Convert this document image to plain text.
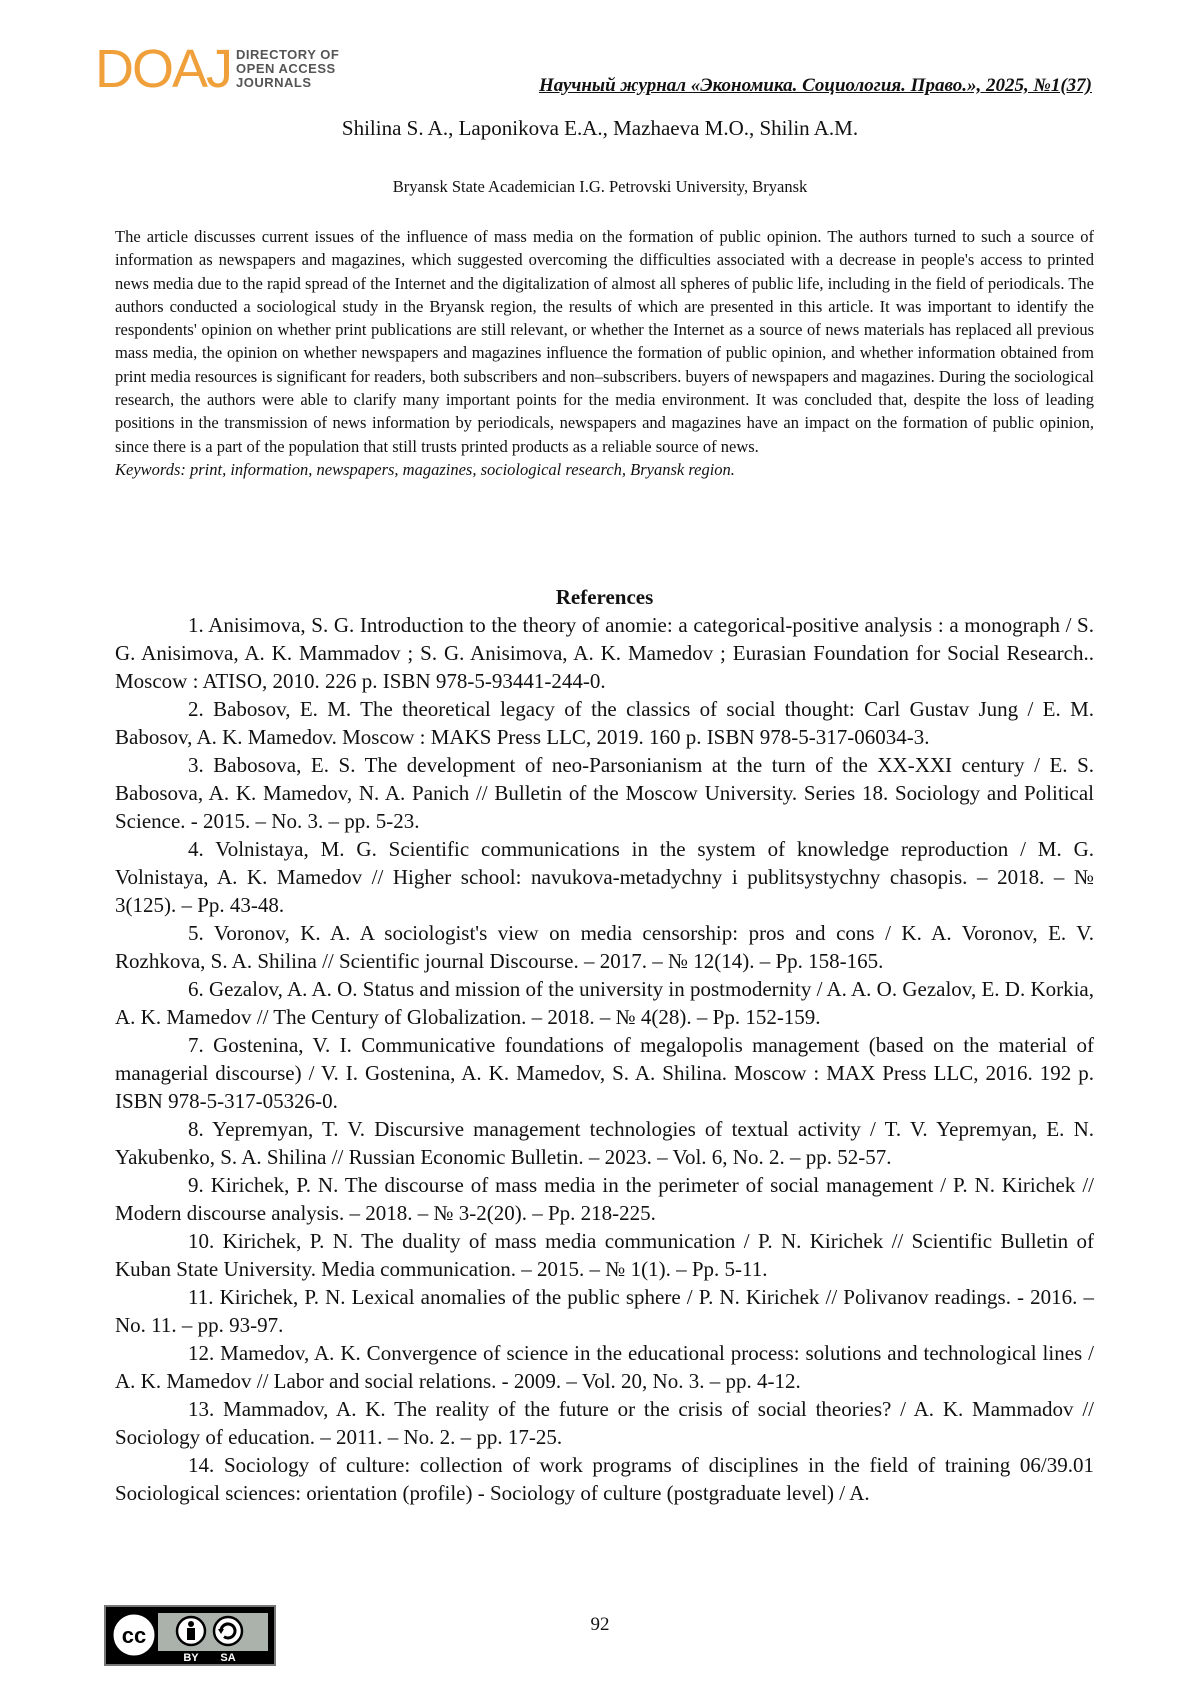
DOAJ DIRECTORY OF
OPEN ACCESS
JOURNALS	Научный журнал «Экономика. Социология. Право.», 2025, №1(37)
Shilina S. A., Laponikova E.A., Mazhaeva M.O., Shilin A.M.
Bryansk State Academician I.G. Petrovski University, Bryansk

The article discusses current issues of the influence of mass media on the formation of public opinion. The authors turned to such a source of information as newspapers and magazines, which suggested overcoming the difficulties associated with a decrease in people's access to printed news media due to the rapid spread of the Internet and the digitalization of almost all spheres of public life, including in the field of periodicals. The authors conducted a sociological study in the Bryansk region, the results of which are presented in this article. It was important to identify the respondents' opinion on whether print publications are still relevant, or whether the Internet as a source of news materials has replaced all previous mass media, the opinion on whether newspapers and magazines influence the formation of public opinion, and whether information obtained from print media resources is significant for readers, both subscribers and non–subscribers. buyers of newspapers and magazines. During the sociological research, the authors were able to clarify many important points for the media environment. It was concluded that, despite the loss of leading positions in the transmission of news information by periodicals, newspapers and magazines have an impact on the formation of public opinion, since there is a part of the population that still trusts printed products as a reliable source of news.

Keywords: print, information, newspapers, magazines, sociological research, Bryansk region.

References
1. Anisimova, S. G. Introduction to the theory of anomie: a categorical-positive analysis : a monograph / S. G. Anisimova, A. K. Mammadov ; S. G. Anisimova, A. K. Mamedov ; Eurasian Foundation for Social Research.. Moscow : ATISO, 2010. 226 p. ISBN 978-5-93441-244-0.
2. Babosov, E. M. The theoretical legacy of the classics of social thought: Carl Gustav Jung / E. M. Babosov, A. K. Mamedov. Moscow : MAKS Press LLC, 2019. 160 p. ISBN 978-5-317-06034-3.
3. Babosova, E. S. The development of neo-Parsonianism at the turn of the XX-XXI century / E. S. Babosova, A. K. Mamedov, N. A. Panich // Bulletin of the Moscow University. Series 18. Sociology and Political Science. - 2015. – No. 3. – pp. 5-23.
4. Volnistaya, M. G. Scientific communications in the system of knowledge reproduction / M. G. Volnistaya, A. K. Mamedov // Higher school: navukova-metadychny i publitsystychny chasopis. – 2018. – № 3(125). – Pp. 43-48.
5. Voronov, K. A. A sociologist's view on media censorship: pros and cons / K. A. Voronov, E. V. Rozhkova, S. A. Shilina // Scientific journal Discourse. – 2017. – № 12(14). – Pp. 158-165.
6. Gezalov, A. A. O. Status and mission of the university in postmodernity / A. A. O. Gezalov, E. D. Korkia, A. K. Mamedov // The Century of Globalization. – 2018. – № 4(28). – Pp. 152-159.
7. Gostenina, V. I. Communicative foundations of megalopolis management (based on the material of managerial discourse) / V. I. Gostenina, A. K. Mamedov, S. A. Shilina. Moscow : MAX Press LLC, 2016. 192 p. ISBN 978-5-317-05326-0.
8. Yepremyan, T. V. Discursive management technologies of textual activity / T. V. Yepremyan, E. N. Yakubenko, S. A. Shilina // Russian Economic Bulletin. – 2023. – Vol. 6, No. 2. – pp. 52-57.
9. Kirichek, P. N. The discourse of mass media in the perimeter of social management / P. N. Kirichek // Modern discourse analysis. – 2018. – № 3-2(20). – Pp. 218-225.
10. Kirichek, P. N. The duality of mass media communication / P. N. Kirichek // Scientific Bulletin of Kuban State University. Media communication. – 2015. – № 1(1). – Pp. 5-11.
11. Kirichek, P. N. Lexical anomalies of the public sphere / P. N. Kirichek // Polivanov readings. - 2016. – No. 11. – pp. 93-97.
12. Mamedov, A. K. Convergence of science in the educational process: solutions and technological lines / A. K. Mamedov // Labor and social relations. - 2009. – Vol. 20, No. 3. – pp. 4-12.
13. Mammadov, A. K. The reality of the future or the crisis of social theories? / A. K. Mammadov // Sociology of education. – 2011. – No. 2. – pp. 17-25.
14. Sociology of culture: collection of work programs of disciplines in the field of training 06/39.01 Sociological sciences: orientation (profile) - Sociology of culture (postgraduate level) / A.
cc
BY SA
92
